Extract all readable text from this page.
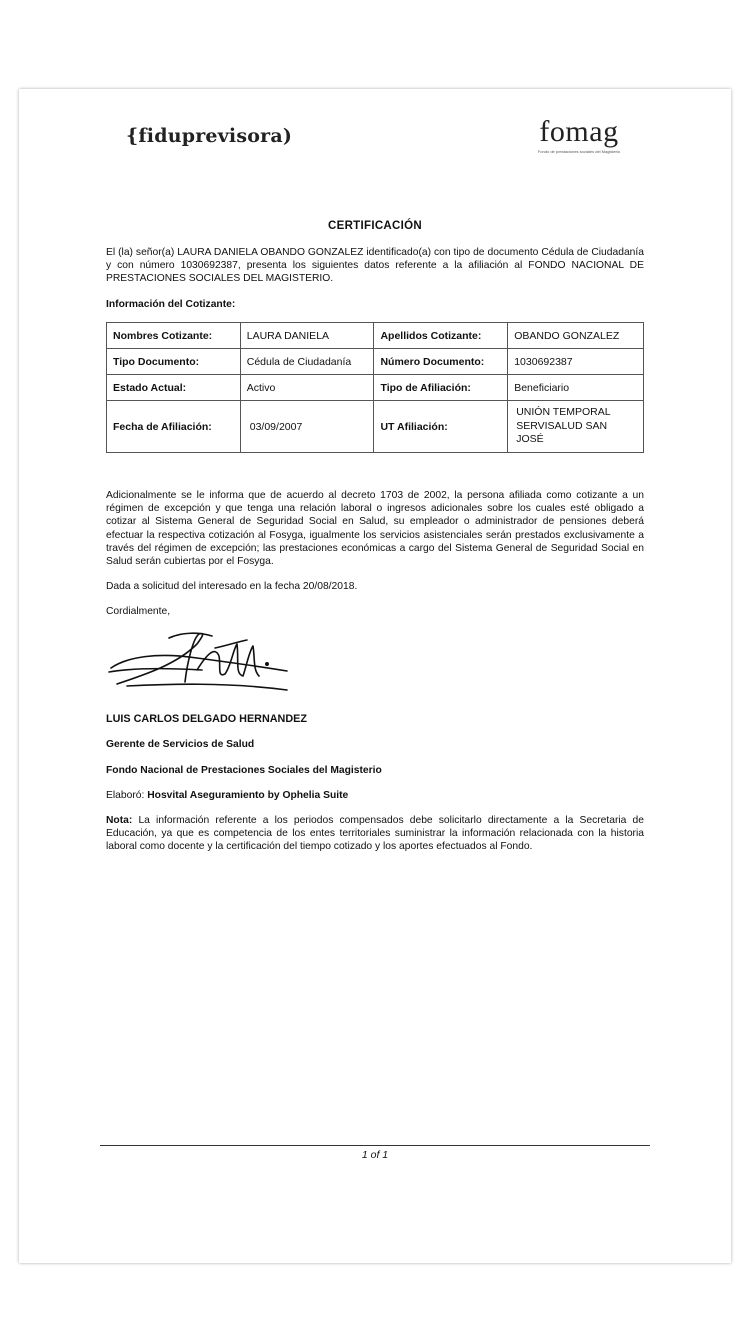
{fiduprevisora)	fomag
Fondo de prestaciones sociales del Magisterio
CERTIFICACIÓN
El (la) señor(a) LAURA DANIELA OBANDO GONZALEZ identificado(a) con tipo de documento Cédula de Ciudadanía y con número 1030692387, presenta los siguientes datos referente a la afiliación al FONDO NACIONAL DE PRESTACIONES SOCIALES DEL MAGISTERIO.
Información del Cotizante:
Nombres Cotizante:	LAURA DANIELA	Apellidos Cotizante:	OBANDO GONZALEZ
Tipo Documento:	Cédula de Ciudadanía	Número Documento:	1030692387
Estado Actual:	Activo	Tipo de Afiliación:	Beneficiario
Fecha de Afiliación:	03/09/2007	UT Afiliación:	UNIÓN TEMPORAL SERVISALUD SAN JOSÉ
Adicionalmente se le informa que de acuerdo al decreto 1703 de 2002, la persona afiliada como cotizante a un régimen de excepción y que tenga una relación laboral o ingresos adicionales sobre los cuales esté obligado a cotizar al Sistema General de Seguridad Social en Salud, su empleador o administrador de pensiones deberá efectuar la respectiva cotización al Fosyga, igualmente los servicios asistenciales serán prestados exclusivamente a través del régimen de excepción; las prestaciones económicas a cargo del Sistema General de Seguridad Social en Salud serán cubiertas por el Fosyga.
Dada a solicitud del interesado en la fecha 20/08/2018.
Cordialmente,
LUIS CARLOS DELGADO HERNANDEZ
Gerente de Servicios de Salud
Fondo Nacional de Prestaciones Sociales del Magisterio
Elaboró: Hosvital Aseguramiento by Ophelia Suite
Nota: La información referente a los periodos compensados debe solicitarlo directamente a la Secretaria de Educación, ya que es competencia de los entes territoriales suministrar la información relacionada con la historia laboral como docente y la certificación del tiempo cotizado y los aportes efectuados al Fondo.
1 of 1
